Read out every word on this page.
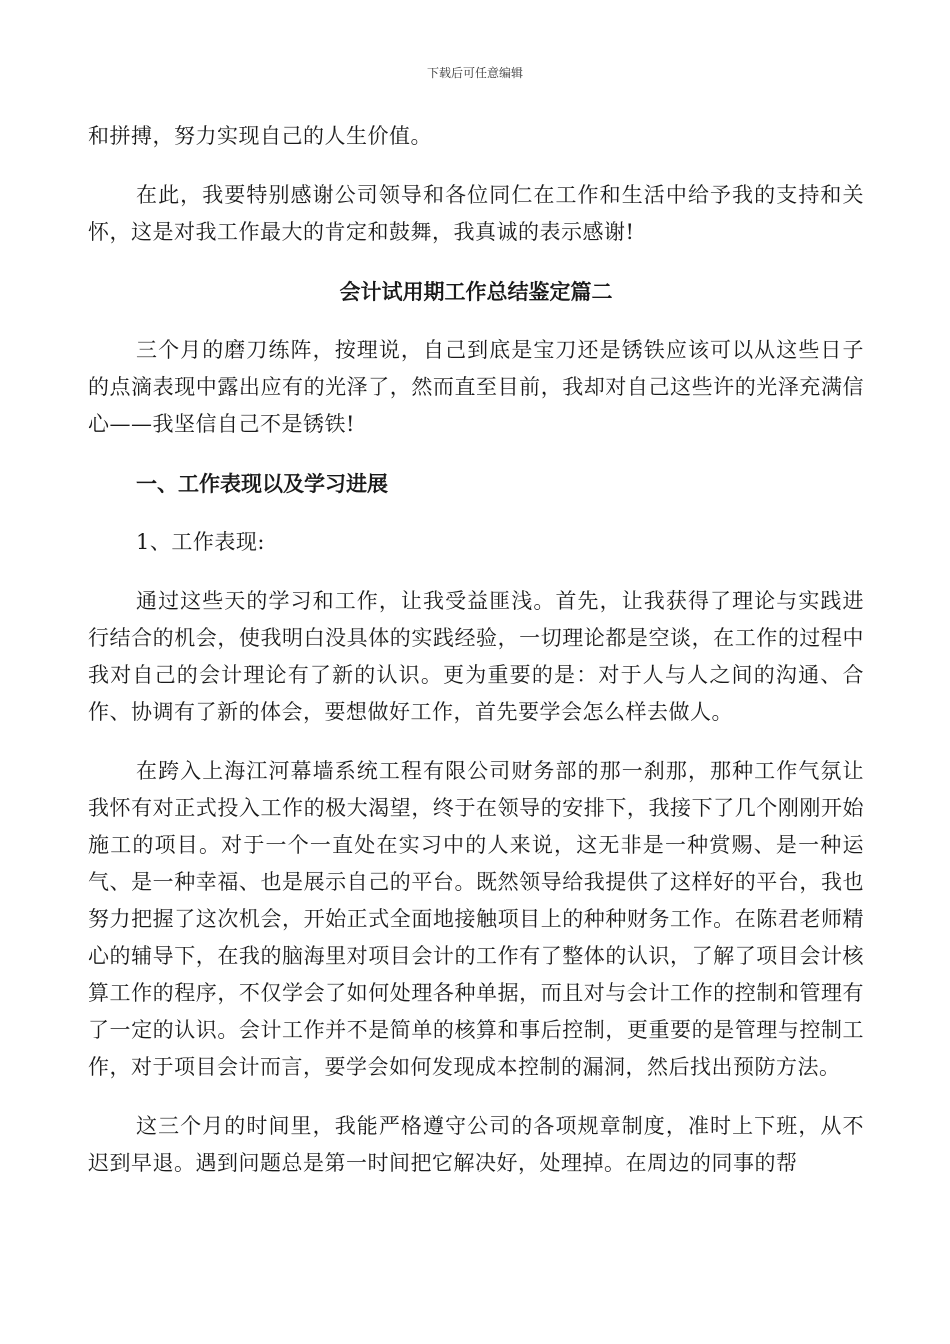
下载后可任意编辑

和拼搏，努力实现自己的人生价值。

在此，我要特别感谢公司领导和各位同仁在工作和生活中给予我的支持和关怀，这是对我工作最大的肯定和鼓舞，我真诚的表示感谢!

会计试用期工作总结鉴定篇二

三个月的磨刀练阵，按理说，自己到底是宝刀还是锈铁应该可以从这些日子的点滴表现中露出应有的光泽了，然而直至目前，我却对自己这些许的光泽充满信心——我坚信自己不是锈铁!

一、工作表现以及学习进展

1、工作表现:

通过这些天的学习和工作，让我受益匪浅。首先，让我获得了理论与实践进行结合的机会，使我明白没具体的实践经验，一切理论都是空谈，在工作的过程中我对自己的会计理论有了新的认识。更为重要的是：对于人与人之间的沟通、合作、协调有了新的体会，要想做好工作，首先要学会怎么样去做人。

在跨入上海江河幕墙系统工程有限公司财务部的那一刹那，那种工作气氛让我怀有对正式投入工作的极大渴望，终于在领导的安排下，我接下了几个刚刚开始施工的项目。对于一个一直处在实习中的人来说，这无非是一种赏赐、是一种运气、是一种幸福、也是展示自己的平台。既然领导给我提供了这样好的平台，我也努力把握了这次机会，开始正式全面地接触项目上的种种财务工作。在陈君老师精心的辅导下，在我的脑海里对项目会计的工作有了整体的认识，了解了项目会计核算工作的程序，不仅学会了如何处理各种单据，而且对与会计工作的控制和管理有了一定的认识。会计工作并不是简单的核算和事后控制，更重要的是管理与控制工作，对于项目会计而言，要学会如何发现成本控制的漏洞，然后找出预防方法。

这三个月的时间里，我能严格遵守公司的各项规章制度，准时上下班，从不迟到早退。遇到问题总是第一时间把它解决好，处理掉。在周边的同事的帮
